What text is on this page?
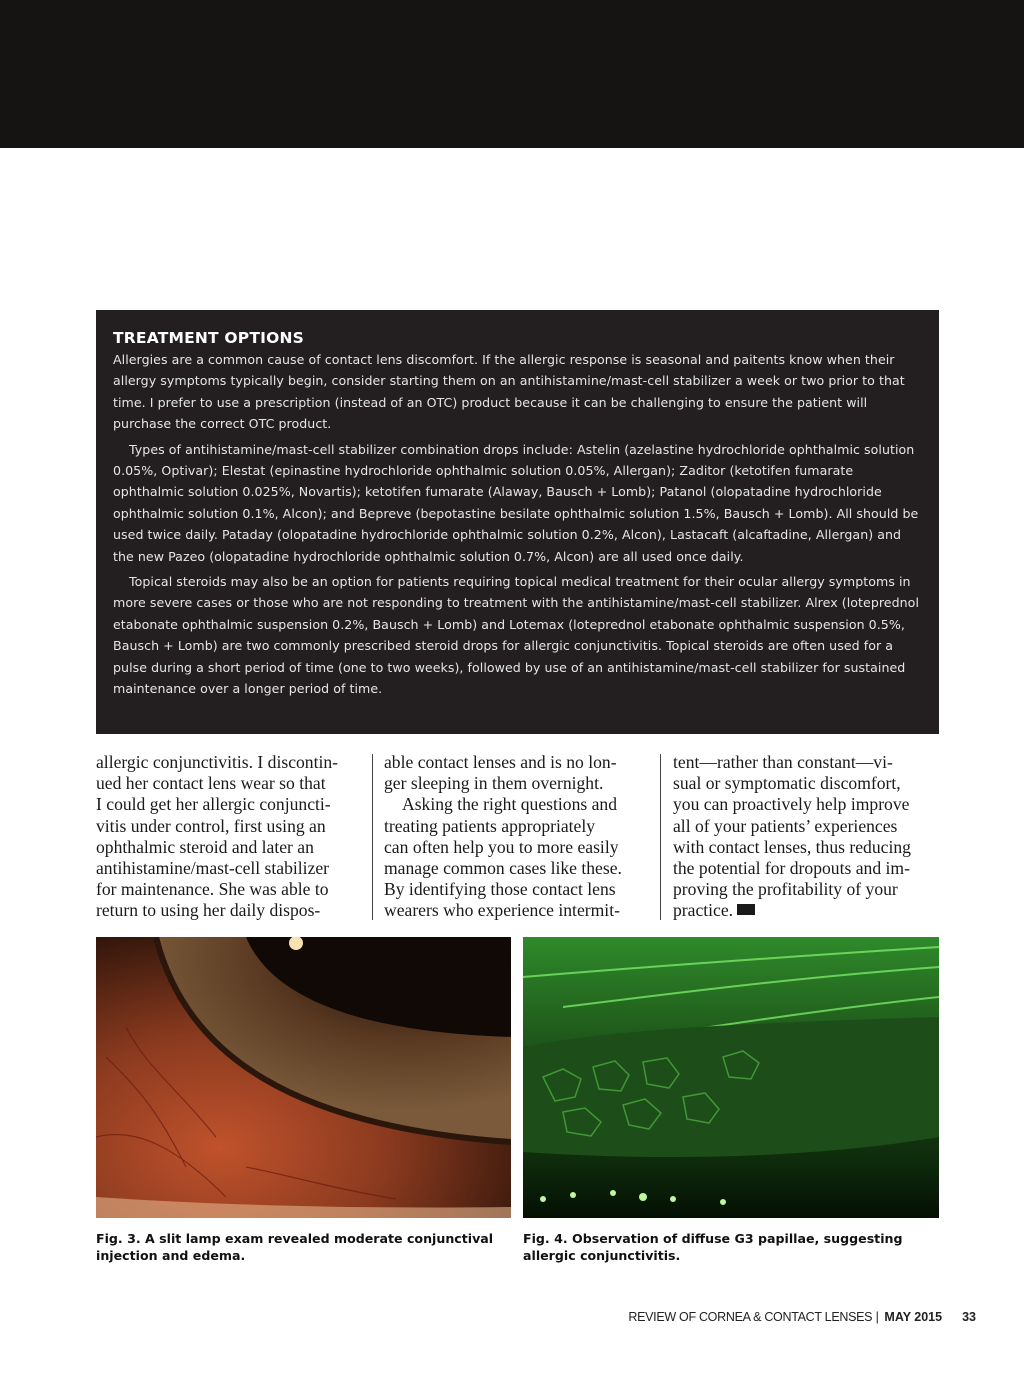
TREATMENT OPTIONS

Allergies are a common cause of contact lens discomfort. If the allergic response is seasonal and paitents know when their allergy symptoms typically begin, consider starting them on an antihistamine/mast-cell stabilizer a week or two prior to that time. I prefer to use a prescription (instead of an OTC) product because it can be challenging to ensure the patient will purchase the correct OTC product.

Types of antihistamine/mast-cell stabilizer combination drops include: Astelin (azelastine hydrochloride ophthalmic solution 0.05%, Optivar); Elestat (epinastine hydrochloride ophthalmic solution 0.05%, Allergan); Zaditor (ketotifen fumarate ophthalmic solution 0.025%, Novartis); ketotifen fumarate (Alaway, Bausch + Lomb); Patanol (olopatadine hydrochloride ophthalmic solution 0.1%, Alcon); and Bepreve (bepotastine besilate ophthalmic solution 1.5%, Bausch + Lomb). All should be used twice daily. Pataday (olopatadine hydrochloride ophthalmic solution 0.2%, Alcon), Lastacaft (alcaftadine, Allergan) and the new Pazeo (olopatadine hydrochloride ophthalmic solution 0.7%, Alcon) are all used once daily.

Topical steroids may also be an option for patients requiring topical medical treatment for their ocular allergy symptoms in more severe cases or those who are not responding to treatment with the antihistamine/mast-cell stabilizer. Alrex (loteprednol etabonate ophthalmic suspension 0.2%, Bausch + Lomb) and Lotemax (loteprednol etabonate ophthalmic suspension 0.5%, Bausch + Lomb) are two commonly prescribed steroid drops for allergic conjunctivitis. Topical steroids are often used for a pulse during a short period of time (one to two weeks), followed by use of an antihistamine/mast-cell stabilizer for sustained maintenance over a longer period of time.

allergic conjunctivitis. I discontin-
ued her contact lens wear so that
I could get her allergic conjuncti-
vitis under control, first using an
ophthalmic steroid and later an
antihistamine/mast-cell stabilizer
for maintenance. She was able to
return to using her daily dispos-
able contact lenses and is no lon-
ger sleeping in them overnight.
Asking the right questions and
treating patients appropriately
can often help you to more easily
manage common cases like these.
By identifying those contact lens
wearers who experience intermit-
tent—rather than constant—vi-
sual or symptomatic discomfort,
you can proactively help improve
all of your patients’ experiences
with contact lenses, thus reducing
the potential for dropouts and im-
proving the profitability of your
practice.
Fig. 3. A slit lamp exam revealed moderate conjunctival injection and edema.
Fig. 4. Observation of diffuse G3 papillae, suggesting allergic conjunctivitis.
REVIEW OF CORNEA & CONTACT LENSES | MAY 2015 33
